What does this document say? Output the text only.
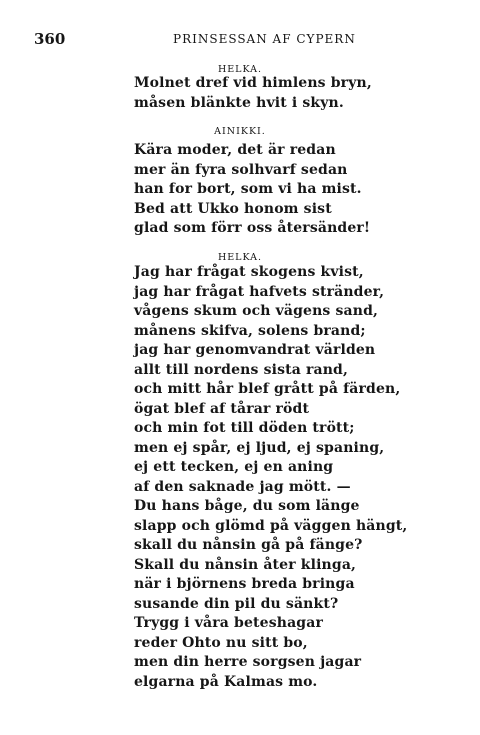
360	PRINSESSAN AF CYPERN
HELKA.
Molnet dref vid himlens bryn,
måsen blänkte hvit i skyn.
AINIKKI.
Kära moder, det är redan
mer än fyra solhvarf sedan
han for bort, som vi ha mist.
Bed att Ukko honom sist
glad som förr oss återsänder!
HELKA.
Jag har frågat skogens kvist,
jag har frågat hafvets stränder,
vågens skum och vägens sand,
månens skifva, solens brand;
jag har genomvandrat världen
allt till nordens sista rand,
och mitt hår blef grått på färden,
ögat blef af tårar rödt
och min fot till döden trött;
men ej spår, ej ljud, ej spaning,
ej ett tecken, ej en aning
af den saknade jag mött. —
Du hans båge, du som länge
slapp och glömd på väggen hängt,
skall du nånsin gå på fänge?
Skall du nånsin åter klinga,
när i björnens breda bringa
susande din pil du sänkt?
Trygg i våra beteshagar
reder Ohto nu sitt bo,
men din herre sorgsen jagar
elgarna på Kalmas mo.
